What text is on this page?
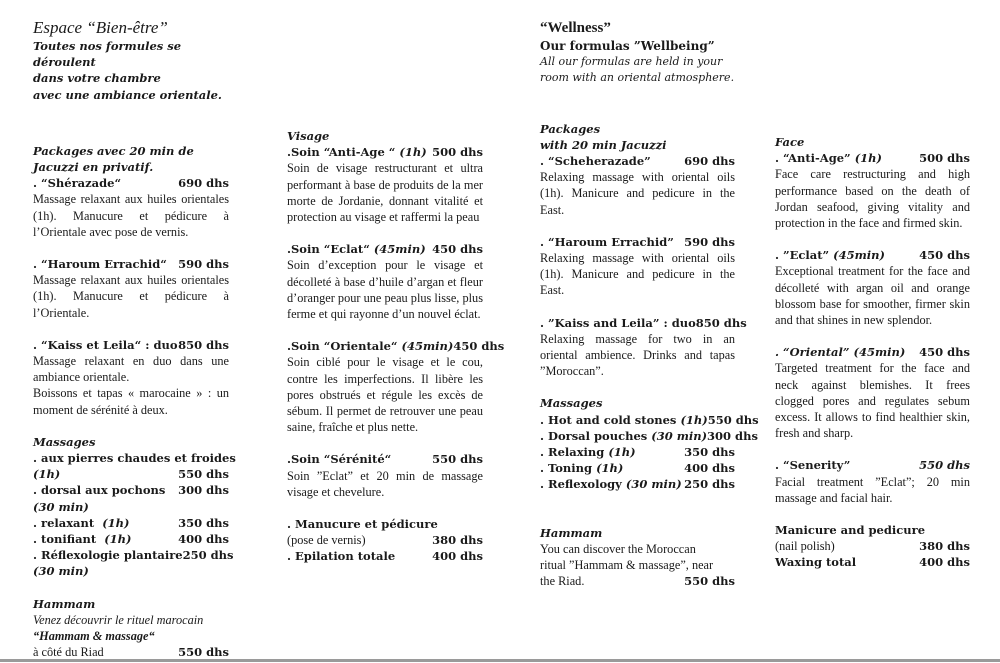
Espace “Bien-être”
Toutes nos formules se déroulent
dans votre chambre
avec une ambiance orientale.
Packages avec 20 min de Jacuzzi en privatif.
. “Shérazade“	690 dhs
Massage relaxant aux huiles orientales (1h). Manucure et pédicure à l’Orientale avec pose de vernis.
. “Haroum Errachid“ 590 dhs
Massage relaxant aux huiles orientales (1h). Manucure et pédicure à l’Orientale.
. “Kaiss et Leila“ : duo 850 dhs
Massage relaxant en duo dans une ambiance orientale.
Boissons et tapas « marocaine » : un moment de sérénité à deux.
Massages
. aux pierres chaudes et froides
(1h)	550 dhs
. dorsal aux pochons 300 dhs
(30 min)
. relaxant (1h)	350 dhs
. tonifiant (1h)	400 dhs
. Réflexologie plantaire 250 dhs
(30 min)
Hammam
Venez découvrir le rituel marocain
“Hammam & massage“
à côté du Riad	550 dhs
Visage
.Soin “Anti-Age “ (1h) 500 dhs
Soin de visage restructurant et ultra performant à base de produits de la mer morte de Jordanie, donnant vitalité et protection au visage et raffermi la peau
.Soin “Eclat“ (45min) 450 dhs
Soin d’exception pour le visage et décolleté à base d’huile d’argan et fleur d’oranger pour une peau plus lisse, plus ferme et qui rayonne d’un nouvel éclat.
.Soin “Orientale“ (45min) 450 dhs
Soin ciblé pour le visage et le cou, contre les imperfections. Il libère les pores obstrués et régule les excès de sébum. Il permet de retrouver une peau saine, fraîche et plus nette.
.Soin “Sérénité“	550 dhs
Soin ”Eclat” et 20 min de massage visage et chevelure.
. Manucure et pédicure
(pose de vernis)	380 dhs
. Epilation totale	400 dhs
“Wellness”
Our formulas ”Wellbeing”
All our formulas are held in your
room with an oriental atmosphere.
Packages
with 20 min Jacuzzi
. “Scheherazade”	690 dhs
Relaxing massage with oriental oils (1h). Manicure and pedicure in the East.
. “Haroum Errachid” 590 dhs
Relaxing massage with oriental oils (1h). Manicure and pedicure in the East.
. ”Kaiss and Leila” : duo 850 dhs
Relaxing massage for two in an oriental ambience. Drinks and tapas ”Moroccan”.
Massages
. Hot and cold stones (1h) 550 dhs
. Dorsal pouches (30 min) 300 dhs
. Relaxing (1h)	350 dhs
. Toning (1h)	400 dhs
. Reflexology (30 min) 250 dhs
Hammam
You can discover the Moroccan
ritual ”Hammam & massage”, near
the Riad.	550 dhs
Face
. “Anti-Age” (1h)	500 dhs
Face care restructuring and high performance based on the death of Jordan seafood, giving vitality and protection in the face and firmed skin.
. ”Eclat” (45min)	450 dhs
Exceptional treatment for the face and décolleté with argan oil and orange blossom base for smoother, firmer skin and that shines in new splendor.
. “Oriental” (45min) 450 dhs
Targeted treatment for the face and neck against blemishes. It frees clogged pores and regulates sebum excess. It allows to find healthier skin, fresh and sharp.
. “Senerity”	550 dhs
Facial treatment ”Eclat”; 20 min massage and facial hair.
Manicure and pedicure
(nail polish)	380 dhs
Waxing total	400 dhs
